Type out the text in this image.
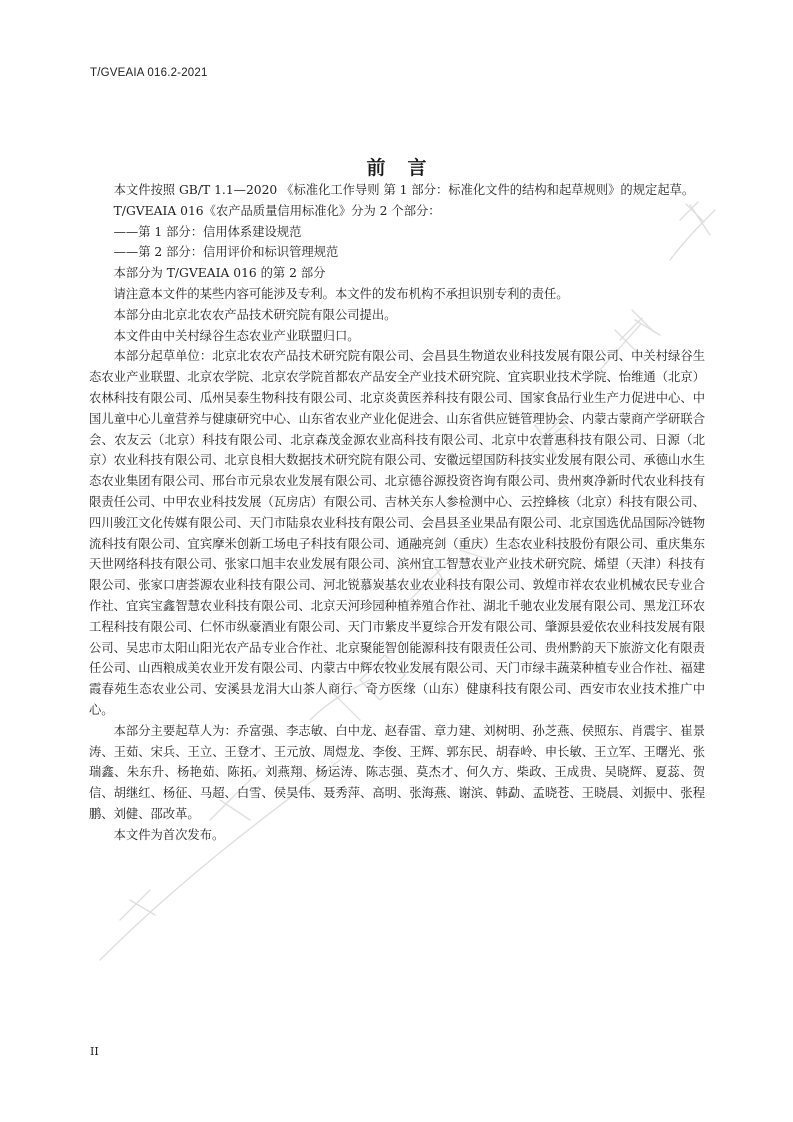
T/GVEAIA 016.2-2021
前言

本文件按照 GB/T 1.1—2020 《标准化工作导则 第 1 部分：标准化文件的结构和起草规则》的规定起草。

T/GVEAIA 016《农产品质量信用标准化》分为 2 个部分：

——第 1 部分：信用体系建设规范

——第 2 部分：信用评价和标识管理规范

本部分为 T/GVEAIA 016 的第 2 部分

请注意本文件的某些内容可能涉及专利。本文件的发布机构不承担识别专利的责任。

本部分由北京北农农产品技术研究院有限公司提出。

本文件由中关村绿谷生态农业产业联盟归口。

本部分起草单位：北京北农农产品技术研究院有限公司、会昌县生物道农业科技发展有限公司、中关村绿谷生态农业产业联盟、北京农学院、北京农学院首都农产品安全产业技术研究院、宜宾职业技术学院、怡维通（北京）农林科技有限公司、瓜州吴泰生物科技有限公司、北京炎黄医养科技有限公司、国家食品行业生产力促进中心、中国儿童中心儿童营养与健康研究中心、山东省农业产业化促进会、山东省供应链管理协会、内蒙古蒙商产学研联合会、农友云（北京）科技有限公司、北京森茂金源农业高科技有限公司、北京中农普惠科技有限公司、日源（北京）农业科技有限公司、北京良相大数据技术研究院有限公司、安徽远望国防科技实业发展有限公司、承德山水生态农业集团有限公司、邢台市元泉农业发展有限公司、北京德谷源投资咨询有限公司、贵州爽净新时代农业科技有限责任公司、中甲农业科技发展（瓦房店）有限公司、吉林关东人参检测中心、云控蜂核（北京）科技有限公司、四川骏江文化传媒有限公司、天门市陆泉农业科技有限公司、会昌县圣业果品有限公司、北京国选优品国际冷链物流科技有限公司、宜宾摩米创新工场电子科技有限公司、通融亮剑（重庆）生态农业科技股份有限公司、重庆集东天世网络科技有限公司、张家口旭丰农业发展有限公司、滨州宜工智慧农业产业技术研究院、烯望（天津）科技有限公司、张家口唐荟源农业科技有限公司、河北锐慕炭基农业农业科技有限公司、敦煌市祥农农业机械农民专业合作社、宜宾宝鑫智慧农业科技有限公司、北京天河珍园种植养殖合作社、湖北千驰农业发展有限公司、黑龙江环农工程科技有限公司、仁怀市纵豪酒业有限公司、天门市紫皮半夏综合开发有限公司、肇源县爱依农业科技发展有限公司、吴忠市太阳山阳光农产品专业合作社、北京聚能智创能源科技有限责任公司、贵州黔韵天下旅游文化有限责任公司、山西粮成美农业开发有限公司、内蒙古中辉农牧业发展有限公司、天门市绿丰蔬菜种植专业合作社、福建霞春苑生态农业公司、安溪县龙涓大山茶人商行、奇方医缘（山东）健康科技有限公司、西安市农业技术推广中心。

本部分主要起草人为：乔富强、李志敏、白中龙、赵春雷、章力建、刘树明、孙芝燕、侯照东、肖震宇、崔景涛、王茹、宋兵、王立、王登才、王元放、周煜龙、李俊、王辉、郭东民、胡春岭、申长敏、王立军、王曙光、张瑞鑫、朱东升、杨艳茹、陈拓、刘燕翔、杨运涛、陈志强、莫杰才、何久方、柴政、王成贵、吴晓辉、夏蕊、贺信、胡继红、杨征、马超、白雪、侯昊伟、聂秀萍、高明、张海燕、谢滨、韩勐、孟晓苍、王晓晨、刘振中、张程鹏、刘健、邵改革。

本文件为首次发布。

II
